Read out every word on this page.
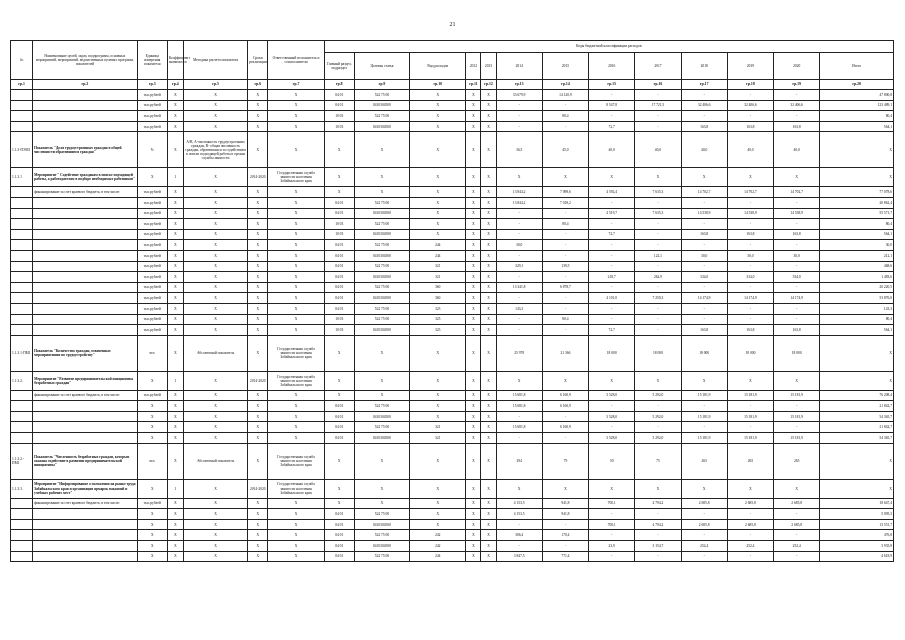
21
№	Наименование целей, задач, подпрограмм, основных мероприятий, мероприятий, ведомственных целевых программ, показателей	Единица измерения показателя	Коэффициент значимости	Методика расчета показателя	Сроки реализации	Ответственный исполнитель и соисполнители	Коды бюджетной классификации расходов												
							Главный раздел, подраздел	Целевая статья	Вид расходов	2012	2013	2014	2015	2016	2017	2018	2019	2020	Итого
гр.1	гр.2	гр.3	гр.4	гр.5	гр.6	гр.7	гр.8	гр.9	гр.10	гр.11	гр.12	гр.13	гр.14	гр.15	гр.16	гр.17	гр.18	гр.19	гр.20
		тыс.рублей	Х	Х	Х	Х	04 01	522 75 00	Х	Х	Х	33 679,9	14 120,9	-	-	-	-	-	47 800,8
		тыс.рублей	Х	Х	Х	Х	04 01	0410304500	Х	Х	Х	-	-	8 547,8	17 721,5	32 406,6	32 406,6	32 406,6	123 489,1
		тыс.рублей	Х	Х	Х	Х	10 03	522 75 00	Х	Х	Х	-	80,4	-	-	-	-	-	80,4
		тыс.рублей	Х	Х	Х	Х	10 03	0410304500	Х	Х	Х	-	-	72,7	-	163,8	163,8	163,8	564,1
1.1.3-ПЭМ1	Показатель "Доля трудоустроенных граждан в общей численности обратившихся граждан"	%	Х	А/В, А-численность трудоустроенных граждан, В- общая численность граждан, обратившихся за содействием в поиске подходящей работы в органы службы занятости	Х	Х	Х	Х	Х	Х	Х	36,5	45,0	40,0	40,0	40,0	40,0	40,0	Х
1.1.3.1	Мероприятие " Содействие гражданам в поиске подходящей работы, а работодателям в подборе необходимых работников"	Х	1	Х	2014-2020	Государственная служба занятости населения Забайкальского края	Х	Х	Х	Х	Х	Х	Х	Х	Х	Х	Х	Х	Х
	финансирование за счет краевого бюджета, в том числе:	тыс.рублей	Х	Х	Х	Х	Х	Х	Х	Х	Х	13 844,2	7 098,6	4 592,4	7 635,3	14 702,7	14 702,7	14 702,7	77 078,6
		тыс.рублей	Х	Х	Х	Х	04 01	522 75 00	Х	Х	Х	13 844,2	7 018,2	-	-	-	-	-	20 862,4
		тыс.рублей	Х	Х	Х	Х	04 01	0410304500	Х	Х	Х	-	-	4 519,7	7 635,3	14 538,9	14 538,9	14 538,9	55 571,7
		тыс.рублей	Х	Х	Х	Х	10 03	522 75 00	Х	Х	Х	-	80,4	-	-	-	-	-	80,4
		тыс.рублей	Х	Х	Х	Х	10 03	0410304500	Х	Х	Х	-	-	72,7	-	163,8	163,8	163,8	564,1
		тыс.рублей	Х	Х	Х	Х	04 01	522 75 00	244	Х	Х	30,0	-	-	-	-	-	-	30,0
		тыс.рублей	Х	Х	Х	Х	04 01	0410304500	244	Х	Х	-	-	-	122,1	30,0	30,0	30,0	212,1
		тыс.рублей	Х	Х	Х	Х	04 01	522 75 00	321	Х	Х	329,1	139,5	-	-	-	-	-	468,6
		тыс.рублей	Х	Х	Х	Х	04 01	0410304500	321	Х	Х	-	-	218,7	262,9	334,0	334,0	334,0	1 483,6
		тыс.рублей	Х	Х	Х	Х	04 01	522 75 00	360	Х	Х	13 341,8	6 878,7	-	-	-	-	-	20 220,5
		тыс.рублей	Х	Х	Х	Х	04 01	0410304500	360	Х	Х	-	-	4 101,0	7 250,3	14 174,9	14 174,9	14 174,9	53 876,0
		тыс.рублей	Х	Х	Х	Х	04 01	522 75 00	323	Х	Х	143,3	-	-	-	-	-	-	143,3
		тыс.рублей	Х	Х	Х	Х	10 03	522 75 00	323	Х	Х	-	80,4	-	-	-	-	-	80,4
		тыс.рублей	Х	Х	Х	Х	10 03	0410304500	323	Х	Х	-	-	72,7	-	163,8	163,8	163,8	564,1
1.1.3.1-ПМ1	Показатель "Количество граждан, охваченных мероприятиями по трудоустройству"	чел.	Х	Абсолютный показатель	Х	Государственная служба занятости населения Забайкальского края	Х	Х	Х	Х	Х	25 978	21 366	18 000	18 000	18 000	18 000	18 000	Х
1.1.3.2.	Мероприятие "Развитие предпринимательской инициативы безработных граждан"	Х	1	Х	2014-2020	Государственная служба занятости населения Забайкальского края	Х	Х	Х	Х	Х	Х	Х	Х	Х	Х	Х	Х	Х
	финансирование за счет краевого бюджета, в том числе:	тыс.рублей	Х	Х	Х	Х	Х	Х	Х	Х	Х	15 681,8	6 160,9	3 528,0	5 292,0	15 181,9	15 181,9	15 181,9	76 208,4
		Х	Х	Х	Х	Х	04 01	522 75 00	Х	Х	Х	15 681,8	6 160,9	-	-	-	-	-	21 842,7
		Х	Х	Х	Х	Х	04 01	0410304500	Х	Х	Х	-	-	3 528,0	5 292,0	15 181,9	15 181,9	15 181,9	54 365,7
		Х	Х	Х	Х	Х	04 01	522 75 00	321	Х	Х	15 681,8	6 160,9	-	-	-	-	-	21 842,7
		Х	Х	Х	Х	Х	04 01	0410304500	321	Х	Х	-	-	3 528,0	5 292,0	15 181,9	15 181,9	15 181,9	54 365,7
1.1.3.2.-ПМ1	Показатель "Численность безработных граждан, которым оказана содействие в развитии предпринимательской инициативы"	чел.	Х	Абсолютный показатель	Х	Государственная служба занятости населения Забайкальского края	Х	Х	Х	Х	Х	294	79	50	75	265	265	265	Х
1.1.3.3.	Мероприятие "Информирование о положении на рынке труда Забайкальского края и организация ярмарок вакансий и учебных рабочих мест"	Х	1	Х	2014-2020	Государственная служба занятости населения Забайкальского края	Х	Х	Х	Х	Х	Х	Х	Х	Х	Х	Х	Х	Х
	финансирование за счет краевого бюджета, в том числе:	тыс.рублей	Х	Х	Х	Х	Х	Х	Х	Х	Х	4 153,5	941,8	700,1	4 794,2	2 685,8	2 685,8	2 685,8	18 647,4
		Х	Х	Х	Х	Х	04 01	522 75 00	Х	Х	Х	4 153,5	941,8	-	-	-	-	-	5 095,3
		Х	Х	Х	Х	Х	04 01	0410304500	Х	Х	Х	-	-	700,1	4 794,2	2 685,8	2 685,8	2 685,8	13 551,7
		Х	Х	Х	Х	Х	04 01	522 75 00	242	Х	Х	306,4	170,4	-	-	-	-	-	476,8
		Х	Х	Х	Х	Х	04 01	0410304500	242	Х	Х	-	-	23,9	3 154,7	252,4	252,4	252,4	3 935,8
		Х	Х	Х	Х	Х	04 01	522 75 00	244	Х	Х	3 847,5	771,4	-	-	-	-	-	4 618,9
